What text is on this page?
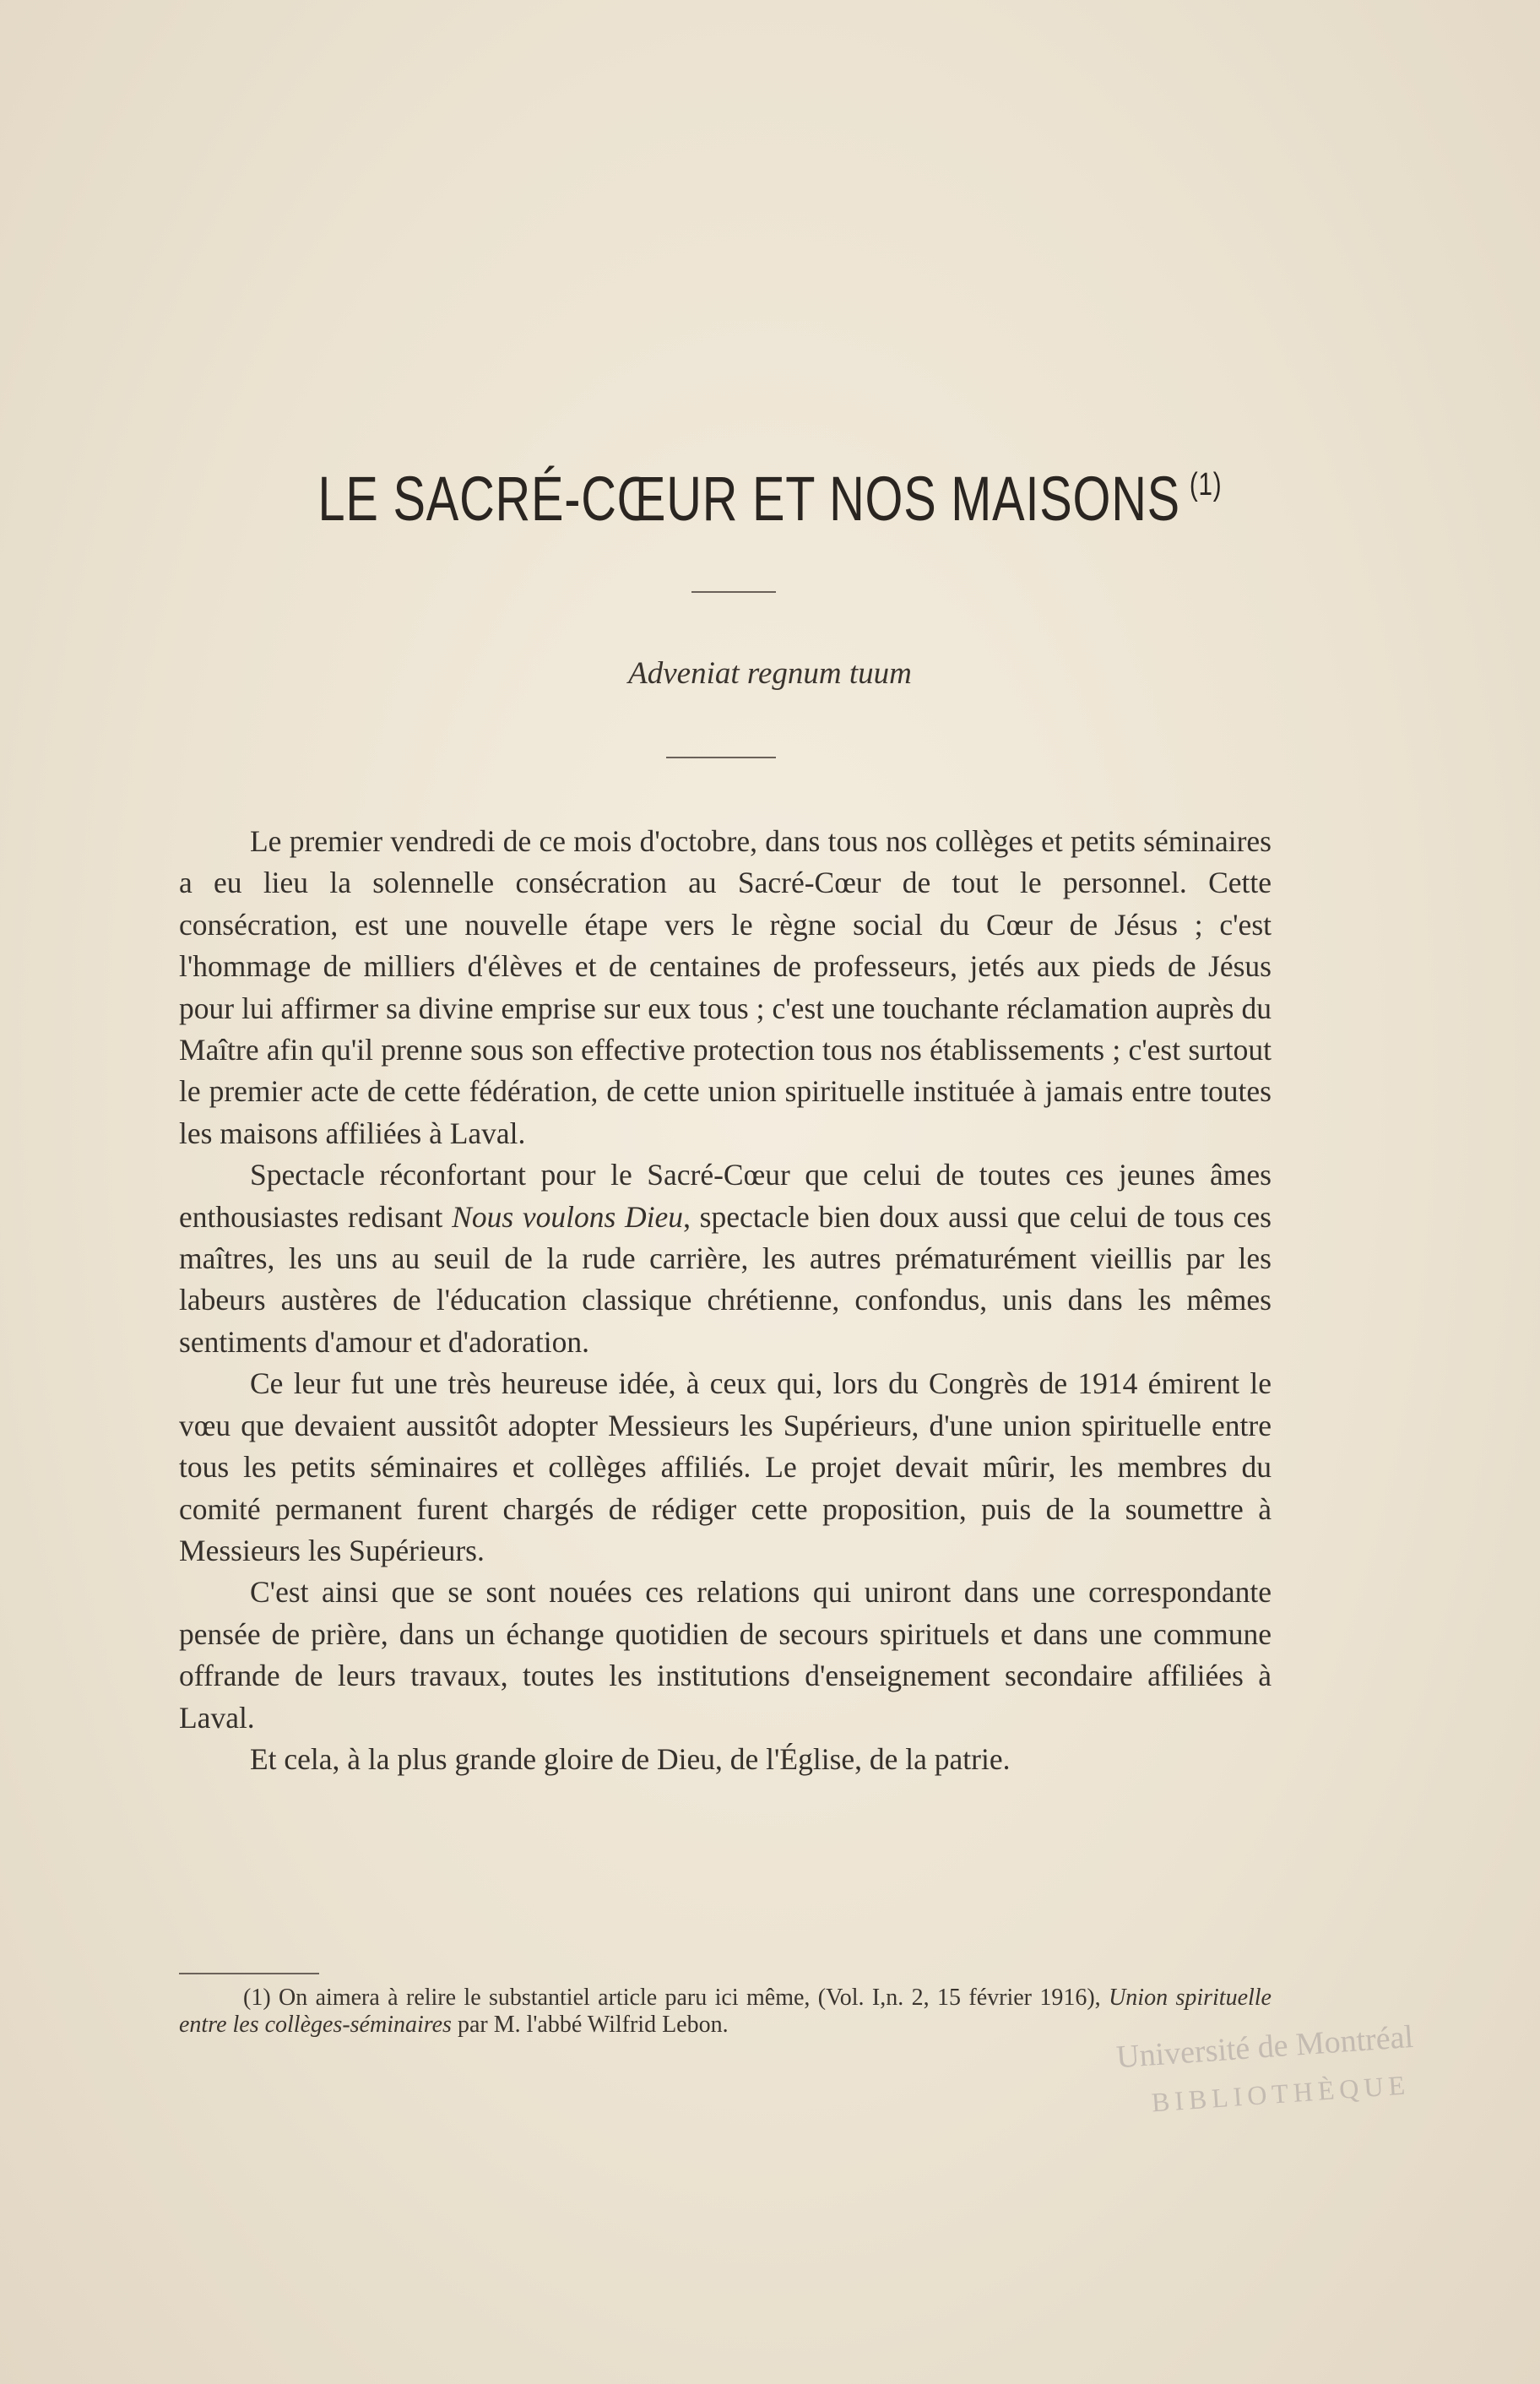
LE SACRÉ-CŒUR ET NOS MAISONS $^{(1)}$
Adveniat regnum tuum

Le premier vendredi de ce mois d'octobre, dans tous nos collèges et petits séminaires a eu lieu la solennelle consécration au Sacré-Cœur de tout le personnel. Cette consécration, est une nouvelle étape vers le règne social du Cœur de Jésus ; c'est l'hommage de milliers d'élèves et de centaines de professeurs, jetés aux pieds de Jésus pour lui affirmer sa divine emprise sur eux tous ; c'est une touchante réclamation auprès du Maître afin qu'il prenne sous son effective protection tous nos établissements ; c'est surtout le premier acte de cette fédération, de cette union spirituelle instituée à jamais entre toutes les maisons affiliées à Laval.

Spectacle réconfortant pour le Sacré-Cœur que celui de toutes ces jeunes âmes enthousiastes redisant Nous voulons Dieu, spectacle bien doux aussi que celui de tous ces maîtres, les uns au seuil de la rude carrière, les autres prématurément vieillis par les labeurs austères de l'éducation classique chrétienne, confondus, unis dans les mêmes sentiments d'amour et d'adoration.

Ce leur fut une très heureuse idée, à ceux qui, lors du Congrès de 1914 émirent le vœu que devaient aussitôt adopter Messieurs les Supérieurs, d'une union spirituelle entre tous les petits séminaires et collèges affiliés. Le projet devait mûrir, les membres du comité permanent furent chargés de rédiger cette proposition, puis de la soumettre à Messieurs les Supérieurs.

C'est ainsi que se sont nouées ces relations qui uniront dans une correspondante pensée de prière, dans un échange quotidien de secours spirituels et dans une commune offrande de leurs travaux, toutes les institutions d'enseignement secondaire affiliées à Laval.

Et cela, à la plus grande gloire de Dieu, de l'Église, de la patrie.

(1) On aimera à relire le substantiel article paru ici même, (Vol. I,n. 2, 15 février 1916), Union spirituelle entre les collèges-séminaires par M. l'abbé Wilfrid Lebon.	Université de Montréal
BIBLIOTHÈQUE
